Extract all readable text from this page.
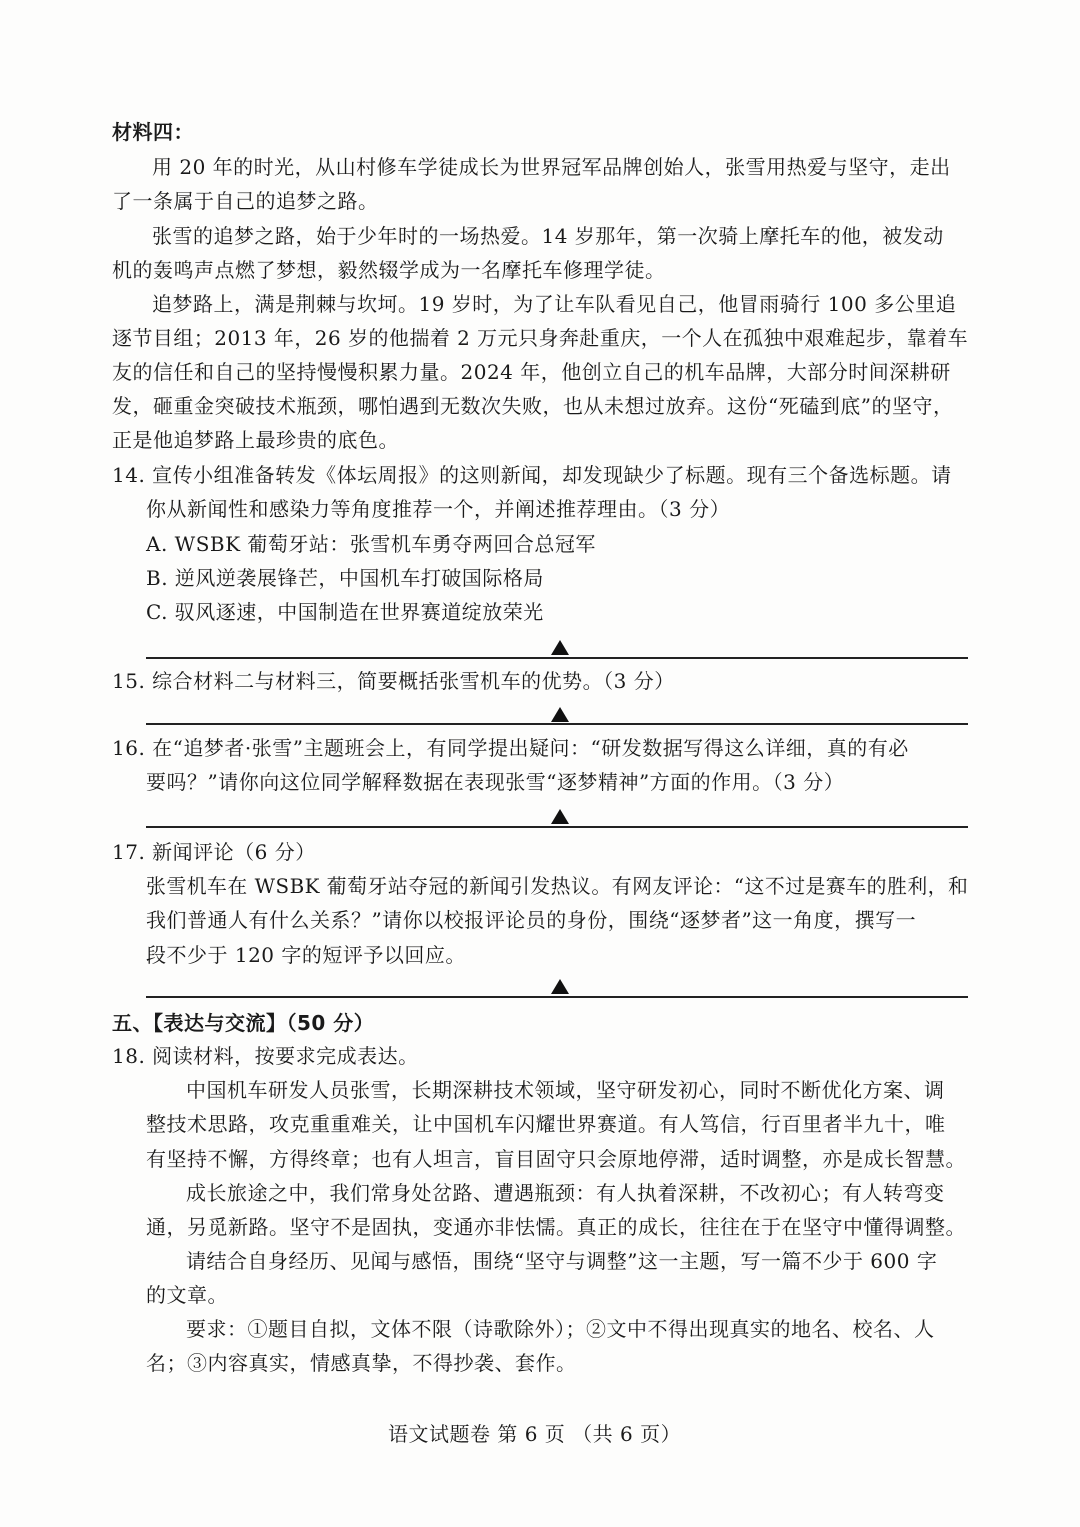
材料四：
用 20 年的时光，从山村修车学徒成长为世界冠军品牌创始人，张雪用热爱与坚守，走出
了一条属于自己的追梦之路。
张雪的追梦之路，始于少年时的一场热爱。14 岁那年，第一次骑上摩托车的他，被发动
机的轰鸣声点燃了梦想，毅然辍学成为一名摩托车修理学徒。
追梦路上，满是荆棘与坎坷。19 岁时，为了让车队看见自己，他冒雨骑行 100 多公里追
逐节目组；2013 年，26 岁的他揣着 2 万元只身奔赴重庆，一个人在孤独中艰难起步，靠着车
友的信任和自己的坚持慢慢积累力量。2024 年，他创立自己的机车品牌，大部分时间深耕研
发，砸重金突破技术瓶颈，哪怕遇到无数次失败，也从未想过放弃。这份“死磕到底”的坚守，
正是他追梦路上最珍贵的底色。
14. 宣传小组准备转发《体坛周报》的这则新闻，却发现缺少了标题。现有三个备选标题。请
你从新闻性和感染力等角度推荐一个，并阐述推荐理由。（3 分）
A. WSBK 葡萄牙站：张雪机车勇夺两回合总冠军
B. 逆风逆袭展锋芒，中国机车打破国际格局
C. 驭风逐速，中国制造在世界赛道绽放荣光
15. 综合材料二与材料三，简要概括张雪机车的优势。（3 分）
16. 在“追梦者·张雪”主题班会上，有同学提出疑问：“研发数据写得这么详细，真的有必
要吗？”请你向这位同学解释数据在表现张雪“逐梦精神”方面的作用。（3 分）
17. 新闻评论（6 分）
张雪机车在 WSBK 葡萄牙站夺冠的新闻引发热议。有网友评论：“这不过是赛车的胜利，和
我们普通人有什么关系？”请你以校报评论员的身份，围绕“逐梦者”这一角度，撰写一
段不少于 120 字的短评予以回应。
五、【表达与交流】（50 分）
18. 阅读材料，按要求完成表达。
中国机车研发人员张雪，长期深耕技术领域，坚守研发初心，同时不断优化方案、调
整技术思路，攻克重重难关，让中国机车闪耀世界赛道。有人笃信，行百里者半九十，唯
有坚持不懈，方得终章；也有人坦言，盲目固守只会原地停滞，适时调整，亦是成长智慧。
成长旅途之中，我们常身处岔路、遭遇瓶颈：有人执着深耕，不改初心；有人转弯变
通，另觅新路。坚守不是固执，变通亦非怯懦。真正的成长，往往在于在坚守中懂得调整。
请结合自身经历、见闻与感悟，围绕“坚守与调整”这一主题，写一篇不少于 600 字
的文章。
要求：①题目自拟，文体不限（诗歌除外）；②文中不得出现真实的地名、校名、人
名；③内容真实，情感真挚，不得抄袭、套作。
语文试题卷 第 6 页 （共 6 页）
